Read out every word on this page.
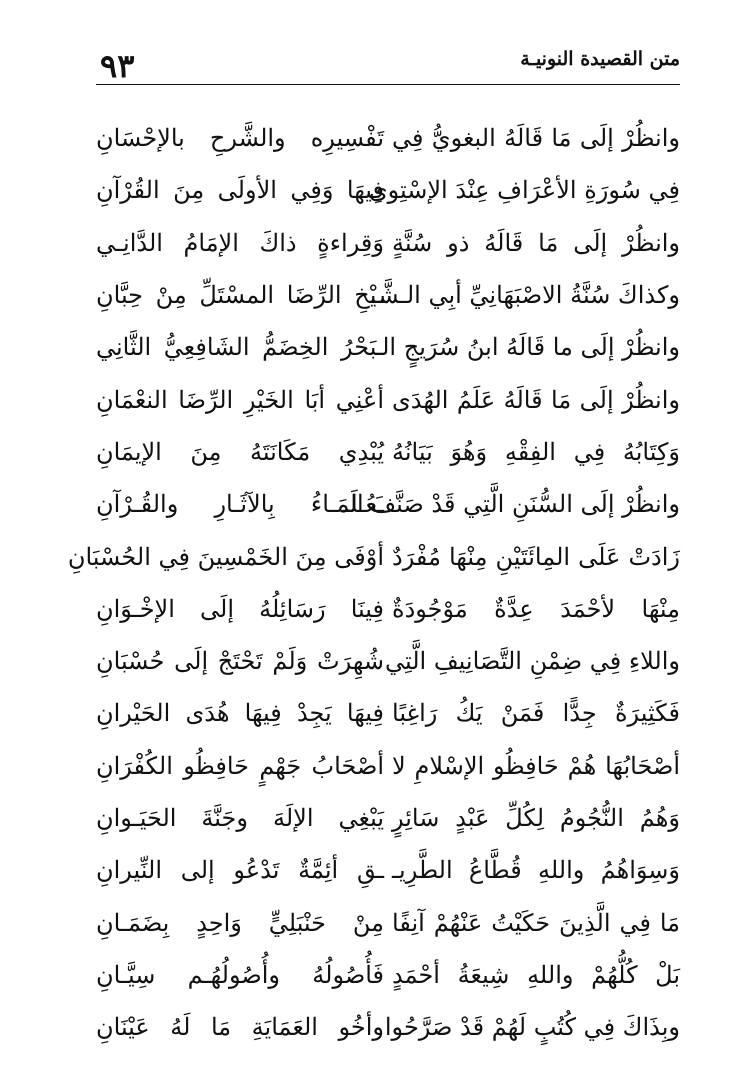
٩٣	متن القصيدة النونيـة
وانظُرْ إلَى مَا قَالَهُ البغويُّ فِي
تَفْسِيرِه والشَّرحِ بالإحْسَانِ
فِي سُورَةِ الأعْرَافِ عِنْدَ الإسْتِوى
فِيهَا وَفِي الأولَى مِنَ القُرْآنِ
وانظُرْ إلَى مَا قَالَهُ ذو سُنَّةٍ
وَقِراءةٍ ذاكَ الإمَامُ الدَّانِـي
وكذاكَ سُنَّةُ الاصْبَهَانِيِّ أبِي الـشَّـ
ـيْخِ الرِّضَا المسْتَلِّ مِنْ حِبَّانِ
وانظُرْ إلَى ما قَالَهُ ابنُ سُرَيجٍ الـ
ـبَحْرُ الخِضَمُّ الشَافِعِيُّ الثَّانِي
وانظُرْ إلَى مَا قَالَهُ عَلَمُ الهُدَى
أعْنِي أبَا الخَيْرِ الرِّضَا النعْمَانِ
وَكِتَابُهُ فِي الفِقْهِ وَهُوَ بَيَانُهُ
يُبْدِي مَكَانَتَهُ مِنَ الإيمَانِ
وانظُرْ إلَى السُّنَنِ الَّتِي قَدْ صَنَّفَ الـ
ـعُـلَمَـاءُ بِالآثَـارِ والقُـرْآنِ
زَادَتْ عَلَى المِائَتَيْنِ مِنْهَا مُفْرَدٌ
أوْفَى مِنَ الخَمْسِينَ فِي الحُسْبَانِ
مِنْهَا لأحْمَدَ عِدَّةٌ مَوْجُودَةٌ
فِينَا رَسَائِلُهُ إلَى الإخْـوَانِ
واللاءِ فِي ضِمْنِ التَّصَانِيفِ الَّتِي
شُهِرَتْ وَلَمْ تَحْتَجْ إلَى حُسْبَانِ
فَكَثِيرَةٌ جِدًّا فَمَنْ يَكُ رَاغِبًا
فِيهَا يَجِدْ فِيهَا هُدَى الحَيْرانِ
أصْحَابُهَا هُمْ حَافِظُو الإسْلامِ لا
أصْحَابُ جَهْمٍ حَافِظُو الكُفْرَانِ
وَهُمُ النُّجُومُ لِكُلِّ عَبْدٍ سَائِرٍ
يَبْغِي الإلَهَ وجَنَّةَ الحَيَـوانِ
وَسِوَاهُمُ واللهِ قُطَّاعُ الطَّرِيـ
ـقِ أئِمَّةٌ تَدْعُو إلى النِّيرانِ
مَا فِي الَّذِينَ حَكَيْتُ عَنْهُمْ آنِفًا
مِنْ حَنْبَلِيٍّ وَاحِدٍ بِضَمَـانِ
بَلْ كُلُّهُمْ واللهِ شِيعَةُ أحْمَدٍ
فَأُصُولُهُ وأُصُولُهُـم سِيَّـانِ
وبِذَاكَ فِي كُتُبٍ لَهُمْ قَدْ صَرَّحُوا
وأخُو العَمَايَةِ مَا لَهُ عَيْنَانِ
